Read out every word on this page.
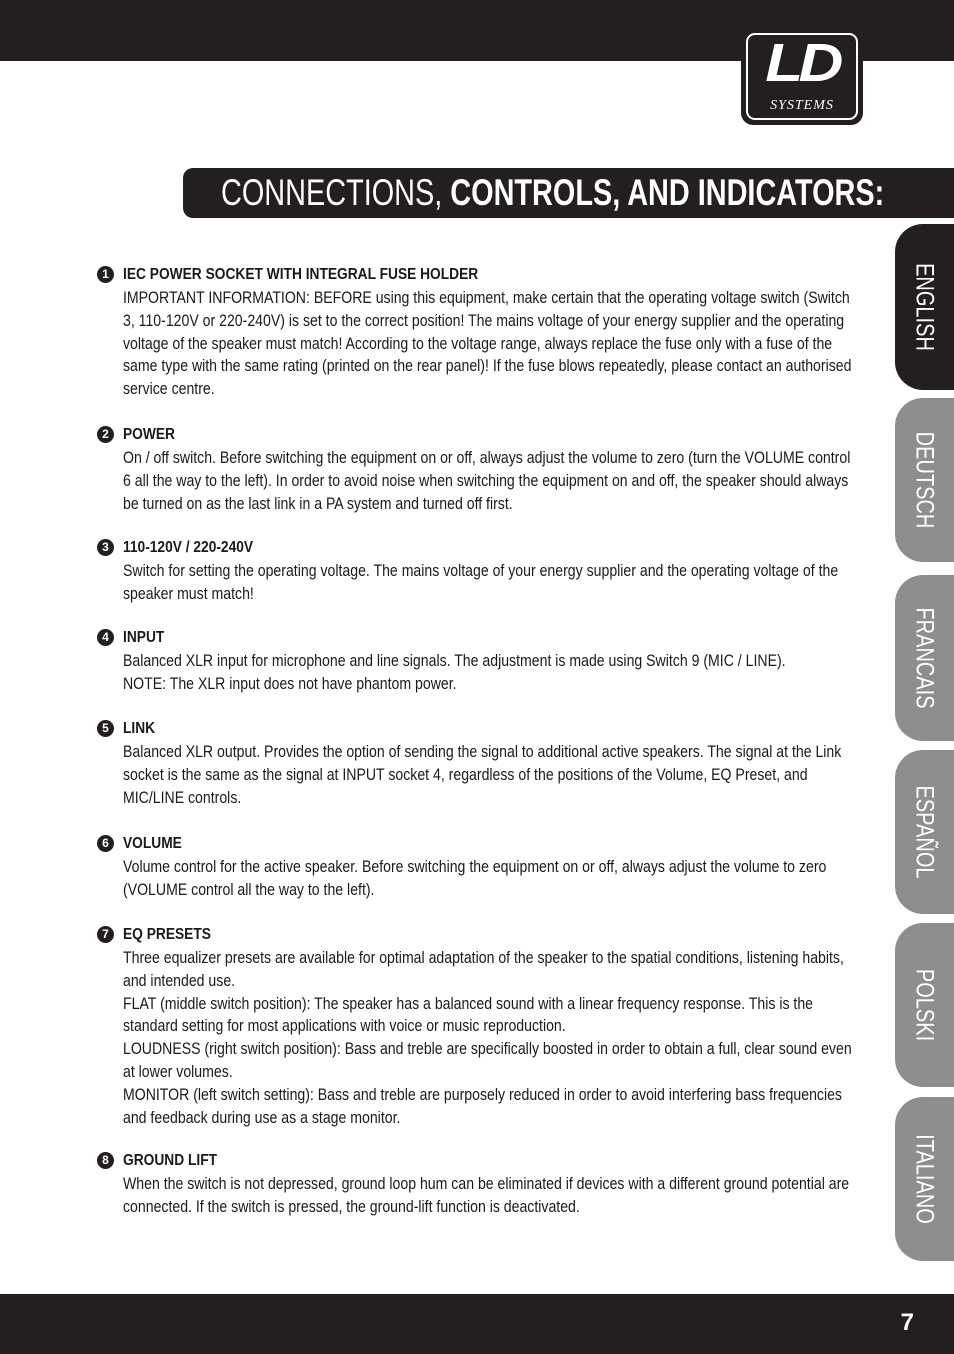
LD
SYSTEMS
CONNECTIONS, CONTROLS, AND INDICATORS:
ENGLISH
DEUTSCH
FRANCAIS
ESPAÑOL
POLSKI
ITALIANO
1 IEC POWER SOCKET WITH INTEGRAL FUSE HOLDER

IMPORTANT INFORMATION: BEFORE using this equipment, make certain that the operating voltage switch (Switch 3, 110-120V or 220-240V) is set to the correct position! The mains voltage of your energy supplier and the operating voltage of the speaker must match! According to the voltage range, always replace the fuse only with a fuse of the same type with the same rating (printed on the rear panel)! If the fuse blows repeatedly, please contact an authorised service centre.

2 POWER

On / off switch. Before switching the equipment on or off, always adjust the volume to zero (turn the VOLUME control 6 all the way to the left). In order to avoid noise when switching the equipment on and off, the speaker should always be turned on as the last link in a PA system and turned off first.

3 110-120V / 220-240V

Switch for setting the operating voltage. The mains voltage of your energy supplier and the operating voltage of the speaker must match!

4 INPUT

Balanced XLR input for microphone and line signals. The adjustment is made using Switch 9 (MIC / LINE).

NOTE: The XLR input does not have phantom power.

5 LINK

Balanced XLR output. Provides the option of sending the signal to additional active speakers. The signal at the Link socket is the same as the signal at INPUT socket 4, regardless of the positions of the Volume, EQ Preset, and MIC/LINE controls.

6 VOLUME

Volume control for the active speaker. Before switching the equipment on or off, always adjust the volume to zero (VOLUME control all the way to the left).

7 EQ PRESETS

Three equalizer presets are available for optimal adaptation of the speaker to the spatial conditions, listening habits, and intended use.

FLAT (middle switch position): The speaker has a balanced sound with a linear frequency response. This is the standard setting for most applications with voice or music reproduction.

LOUDNESS (right switch position): Bass and treble are specifically boosted in order to obtain a full, clear sound even at lower volumes.

MONITOR (left switch setting): Bass and treble are purposely reduced in order to avoid interfering bass frequencies and feedback during use as a stage monitor.

8 GROUND LIFT

When the switch is not depressed, ground loop hum can be eliminated if devices with a different ground potential are connected. If the switch is pressed, the ground-lift function is deactivated.

7
